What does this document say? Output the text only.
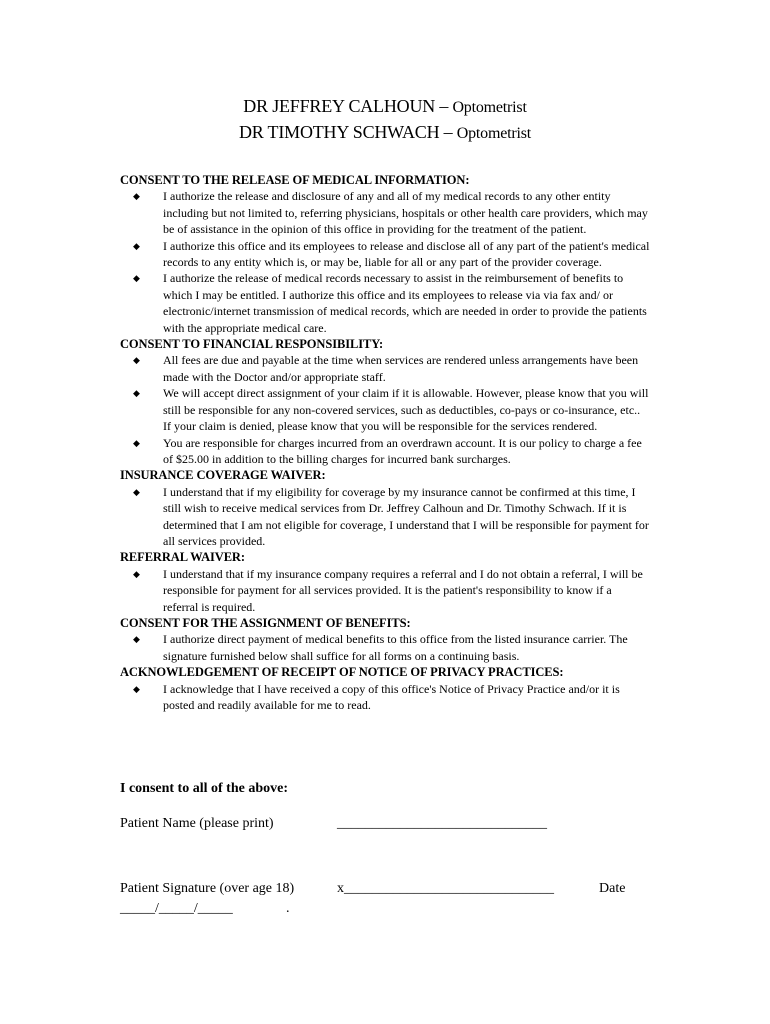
DR JEFFREY CALHOUN – Optometrist
DR TIMOTHY SCHWACH – Optometrist
CONSENT TO THE RELEASE OF MEDICAL INFORMATION:
◆ I authorize the release and disclosure of any and all of my medical records to any other entity including but not limited to, referring physicians, hospitals or other health care providers, which may be of assistance in the opinion of this office in providing for the treatment of the patient.
◆ I authorize this office and its employees to release and disclose all of any part of the patient's medical records to any entity which is, or may be, liable for all or any part of the provider coverage.
◆ I authorize the release of medical records necessary to assist in the reimbursement of benefits to which I may be entitled. I authorize this office and its employees to release via via fax and/ or electronic/internet transmission of medical records, which are needed in order to provide the patients with the appropriate medical care.
CONSENT TO FINANCIAL RESPONSIBILITY:
◆ All fees are due and payable at the time when services are rendered unless arrangements have been made with the Doctor and/or appropriate staff.
◆ We will accept direct assignment of your claim if it is allowable. However, please know that you will still be responsible for any non-covered services, such as deductibles, co-pays or co-insurance, etc.. If your claim is denied, please know that you will be responsible for the services rendered.
◆ You are responsible for charges incurred from an overdrawn account. It is our policy to charge a fee of $25.00 in addition to the billing charges for incurred bank surcharges.
INSURANCE COVERAGE WAIVER:
◆ I understand that if my eligibility for coverage by my insurance cannot be confirmed at this time, I still wish to receive medical services from Dr. Jeffrey Calhoun and Dr. Timothy Schwach. If it is determined that I am not eligible for coverage, I understand that I will be responsible for payment for all services provided.
REFERRAL WAIVER:
◆ I understand that if my insurance company requires a referral and I do not obtain a referral, I will be responsible for payment for all services provided. It is the patient's responsibility to know if a referral is required.
CONSENT FOR THE ASSIGNMENT OF BENEFITS:
◆ I authorize direct payment of medical benefits to this office from the listed insurance carrier. The signature furnished below shall suffice for all forms on a continuing basis.
ACKNOWLEDGEMENT OF RECEIPT OF NOTICE OF PRIVACY PRACTICES:
◆ I acknowledge that I have received a copy of this office's Notice of Privacy Practice and/or it is posted and readily available for me to read.
I consent to all of the above:
Patient Name (please print)	______________________________
Patient Signature (over age 18)	x______________________________	Date
_____/_____/_____	.
